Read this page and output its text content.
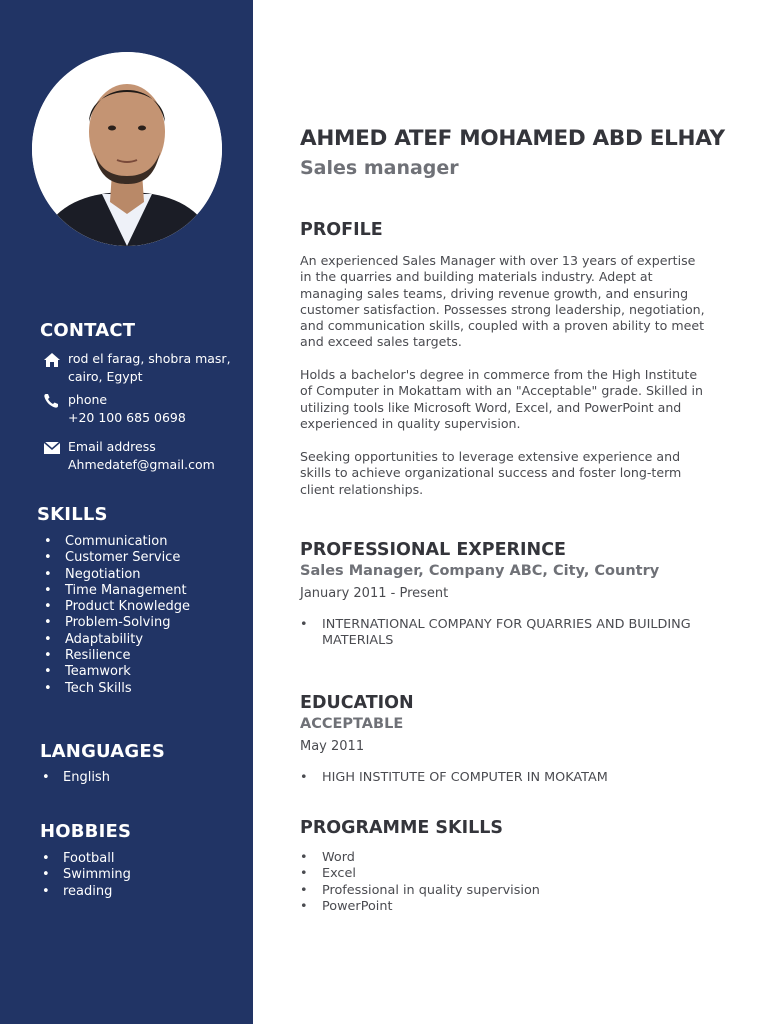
CONTACT
rod el farag, shobra masr,
cairo, Egypt
phone
+20 100 685 0698
Email address
Ahmedatef@gmail.com
SKILLS
• Communication
• Customer Service
• Negotiation
• Time Management
• Product Knowledge
• Problem-Solving
• Adaptability
• Resilience
• Teamwork
• Tech Skills
LANGUAGES
• English
HOBBIES
• Football
• Swimming
• reading
AHMED ATEF MOHAMED ABD ELHAY
Sales manager
PROFILE

An experienced Sales Manager with over 13 years of expertise in the quarries and building materials industry. Adept at managing sales teams, driving revenue growth, and ensuring customer satisfaction. Possesses strong leadership, negotiation, and communication skills, coupled with a proven ability to meet and exceed sales targets.

Holds a bachelor's degree in commerce from the High Institute of Computer in Mokattam with an "Acceptable" grade. Skilled in utilizing tools like Microsoft Word, Excel, and PowerPoint and experienced in quality supervision.

Seeking opportunities to leverage extensive experience and skills to achieve organizational success and foster long-term client relationships.

PROFESSIONAL EXPERINCE
Sales Manager, Company ABC, City, Country
January 2011 - Present
• INTERNATIONAL COMPANY FOR QUARRIES AND BUILDING MATERIALS
EDUCATION
ACCEPTABLE
May 2011
• HIGH INSTITUTE OF COMPUTER IN MOKATAM
PROGRAMME SKILLS
• Word
• Excel
• Professional in quality supervision
• PowerPoint
